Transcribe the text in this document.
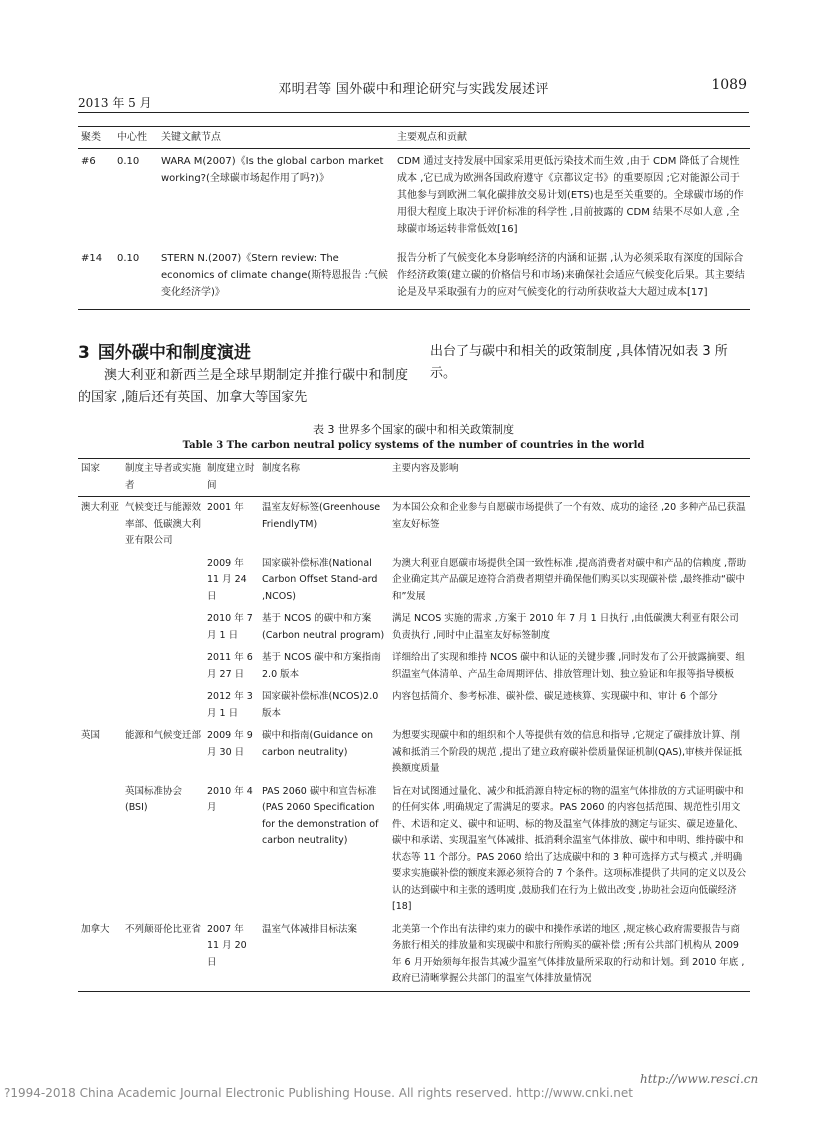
邓明君等 国外碳中和理论研究与实践发展述评	1089
2013 年 5 月
聚类	中心性	关键文献节点	主要观点和贡献
#6	0.10	WARA M(2007)《Is the global carbon market working?(全球碳市场起作用了吗?)》	CDM 通过支持发展中国家采用更低污染技术而生效 ,由于 CDM 降低了合规性成本 ,它已成为欧洲各国政府遵守《京都议定书》的重要原因 ;它对能源公司于其他参与到欧洲二氧化碳排放交易计划(ETS)也是至关重要的。全球碳市场的作用很大程度上取决于评价标准的科学性 ,目前披露的 CDM 结果不尽如人意 ,全球碳市场运转非常低效[16]
#14	0.10	STERN N.(2007)《Stern review: The economics of climate change(斯特恩报告 :气候变化经济学)》	报告分析了气候变化本身影响经济的内涵和证据 ,认为必须采取有深度的国际合作经济政策(建立碳的价格信号和市场)来确保社会适应气候变化后果。其主要结论是及早采取强有力的应对气候变化的行动所获收益大大超过成本[17]
3 国外碳中和制度演进
澳大利亚和新西兰是全球早期制定并推行碳中和制度的国家 ,随后还有英国、加拿大等国家先
出台了与碳中和相关的政策制度 ,具体情况如表 3 所示。
表 3 世界多个国家的碳中和相关政策制度
Table 3 The carbon neutral policy systems of the number of countries in the world
国家	制度主导者或实施者	制度建立时间	制度名称	主要内容及影响
澳大利亚	气候变迁与能源效率部、低碳澳大利亚有限公司	2001 年	温室友好标签(Greenhouse FriendlyTM)	为本国公众和企业参与自愿碳市场提供了一个有效、成功的途径 ,20 多种产品已获温室友好标签
		2009 年 11 月 24 日	国家碳补偿标准(National Carbon Offset Stand-ard ,NCOS)	为澳大利亚自愿碳市场提供全国一致性标准 ,提高消费者对碳中和产品的信赖度 ,帮助企业确定其产品碳足迹符合消费者期望并确保他们购买以实现碳补偿 ,最终推动“碳中和”发展
		2010 年 7 月 1 日	基于 NCOS 的碳中和方案(Carbon neutral program)	满足 NCOS 实施的需求 ,方案于 2010 年 7 月 1 日执行 ,由低碳澳大利亚有限公司负责执行 ,同时中止温室友好标签制度
		2011 年 6 月 27 日	基于 NCOS 碳中和方案指南 2.0 版本	详细给出了实现和维持 NCOS 碳中和认证的关键步骤 ,同时发布了公开披露摘要、组织温室气体清单、产品生命周期评估、排放管理计划、独立验证和年报等指导模板
		2012 年 3 月 1 日	国家碳补偿标准(NCOS)2.0 版本	内容包括简介、参考标准、碳补偿、碳足迹核算、实现碳中和、审计 6 个部分
英国	能源和气候变迁部	2009 年 9 月 30 日	碳中和指南(Guidance on carbon neutrality)	为想要实现碳中和的组织和个人等提供有效的信息和指导 ,它规定了碳排放计算、削减和抵消三个阶段的规范 ,提出了建立政府碳补偿质量保证机制(QAS),审核并保证抵换额度质量
	英国标准协会(BSI)	2010 年 4 月	PAS 2060 碳中和宣告标准(PAS 2060 Specification for the demonstration of carbon neutrality)	旨在对试图通过量化、减少和抵消源自特定标的物的温室气体排放的方式证明碳中和的任何实体 ,明确规定了需满足的要求。PAS 2060 的内容包括范围、规范性引用文件、术语和定义、碳中和证明、标的物及温室气体排放的测定与证实、碳足迹量化、碳中和承诺、实现温室气体减排、抵消剩余温室气体排放、碳中和申明、维持碳中和状态等 11 个部分。PAS 2060 给出了达成碳中和的 3 种可选择方式与模式 ,并明确要求实施碳补偿的额度来源必须符合的 7 个条件。这项标准提供了共同的定义以及公认的达到碳中和主张的透明度 ,鼓励我们在行为上做出改变 ,协助社会迈向低碳经济[18]
加拿大	不列颠哥伦比亚省	2007 年 11 月 20 日	温室气体减排目标法案	北美第一个作出有法律约束力的碳中和操作承诺的地区 ,规定核心政府需要报告与商务旅行相关的排放量和实现碳中和旅行所购买的碳补偿 ;所有公共部门机构从 2009 年 6 月开始须每年报告其减少温室气体排放量所采取的行动和计划。到 2010 年底 ,政府已清晰掌握公共部门的温室气体排放量情况
http://www.resci.cn
?1994-2018 China Academic Journal Electronic Publishing House. All rights reserved. http://www.cnki.net
